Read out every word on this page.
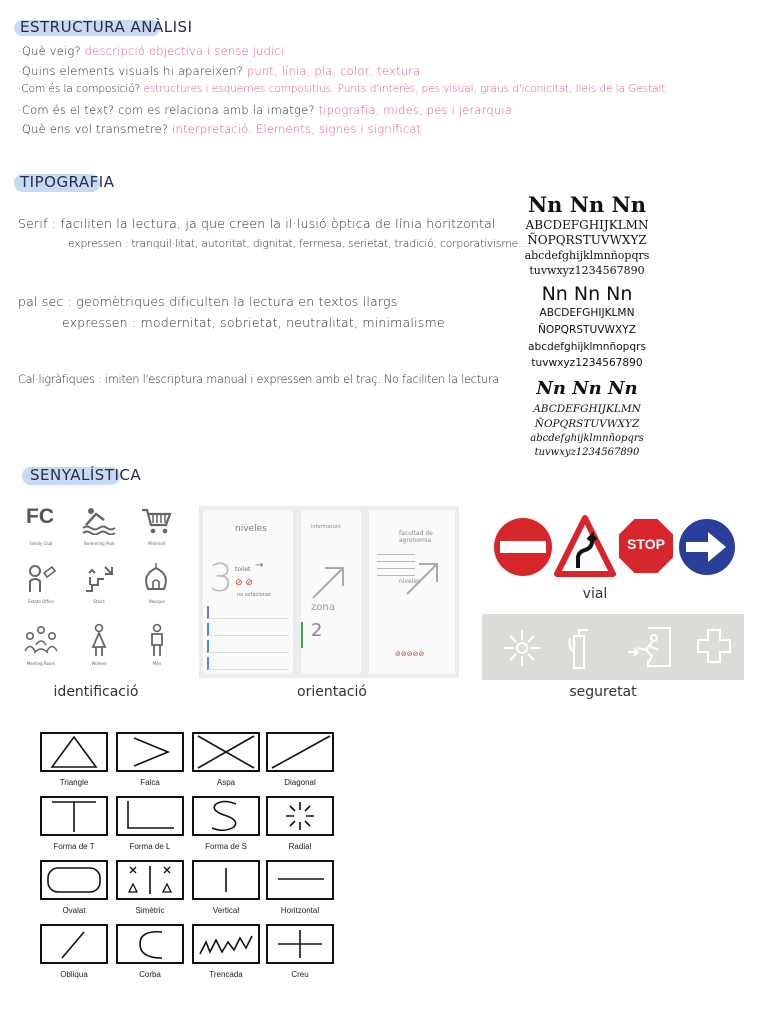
ESTRUCTURA ANÀLISI
·Què veig? descripció objectiva i sense judici
·Quins elements visuals hi apareixen? punt, línia, pla, color, textura
·Com és la composició? estructures i esquemes compositius. Punts d'interès, pes visual, graus d'iconicitat, lleis de la Gestalt
·Com és el text? com es relaciona amb la imatge? tipografia, mides, pes i jerarquia
·Què ens vol transmetre? interpretació. Elements, signes i significat
TIPOGRAFIA
Serif : faciliten la lectura, ja que creen la il·lusió òptica de línia horitzontal
expressen : tranquil·litat, autoritat, dignitat, fermesa, serietat, tradició, corporativisme...
pal sec : geomètriques dificulten la lectura en textos llargs
expressen : modernitat, sobrietat, neutralitat, minimalisme
Cal·ligràfiques : imiten l'escriptura manual i expressen amb el traç. No faciliten la lectura
Nn Nn Nn
ABCDEFGHIJKLMN
ÑOPQRSTUVWXYZ
abcdefghijklmnñopqrs
tuvwxyz1234567890
Nn Nn Nn
ABCDEFGHIJKLMN
ÑOPQRSTUVWXYZ
abcdefghijklmnñopqrs
tuvwxyz1234567890
Nn Nn Nn
ABCDEFGHIJKLMN
ÑOPQRSTUVWXYZ
abcdefghijklmnñopqrs
tuvwxyz1234567890
SENYALÍSTICA
FC
Family Club	Swimming Pool	Minimart
Estate Office	Stairs	Mosque
Meeting Room	Women	Men
niveles
3 toilet →
⊘ ⊘
no estacionar
información
zona
2
facultad de agronomía
niveles
⊘⊘⊘⊘⊘
STOP
identificació	orientació
vial
seguretat
Triangle	Falca	Aspa	Diagonal
Forma de T	Forma de L	Forma de S	Radial
Ovalat	Simètric	Vertical	Horitzontal
Obliqua	Corba	Trencada	Creu
